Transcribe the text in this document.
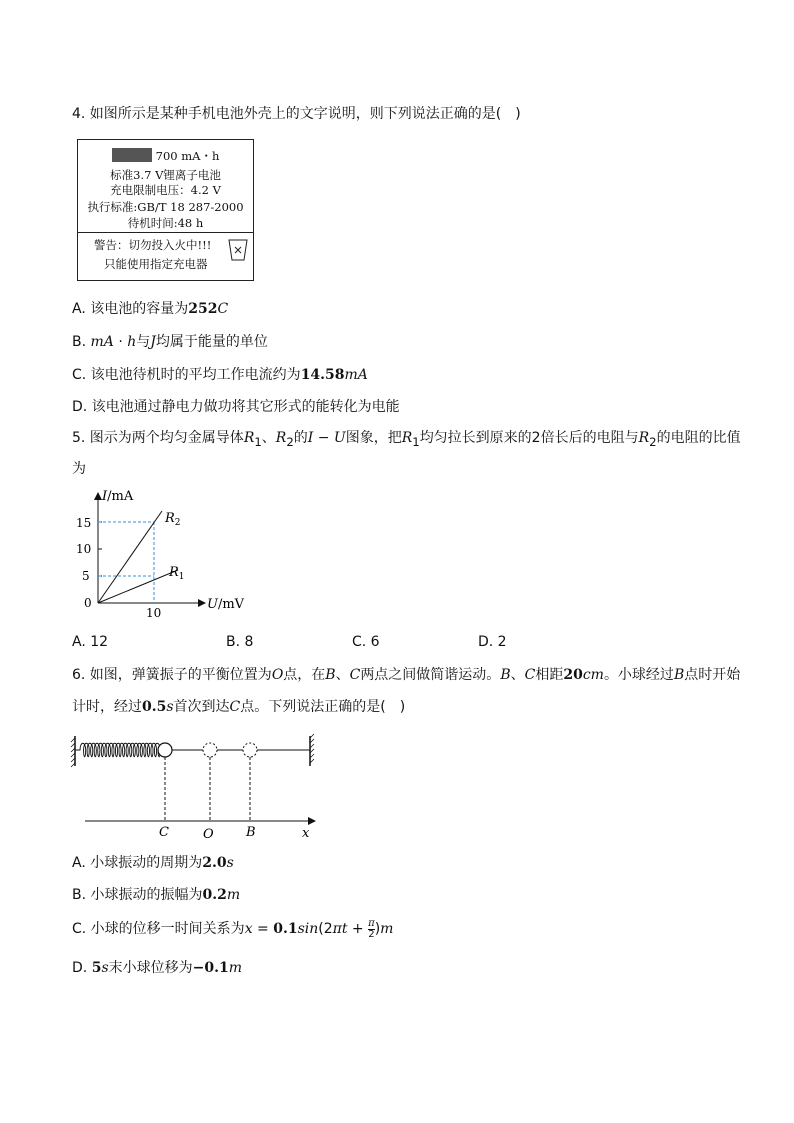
4. 如图所示是某种手机电池外壳上的文字说明，则下列说法正确的是(　)
700 mA・h
标准3.7 V锂离子电池
充电限制电压：4.2 V
执行标准:GB/T 18 287-2000
待机时间:48 h
警告：切勿投入火中!!!
只能使用指定充电器
A. 该电池的容量为252C
B. mA · h与J均属于能量的单位
C. 该电池待机时的平均工作电流约为14.58mA
D. 该电池通过静电力做功将其它形式的能转化为电能
5. 图示为两个均匀金属导体$R_1$、$R_2$的I − U图象，把$R_1$均匀拉长到原来的2倍长后的电阻与$R_2$的电阻的比值
为
I/mA
U/mV
15
10
5
0
10
$R_2$
$R_1$
A. 12	B. 8	C. 6	D. 2
6. 如图，弹簧振子的平衡位置为O点，在B、C两点之间做简谐运动。B、C相距20cm。小球经过B点时开始
计时，经过0.5s首次到达C点。下列说法正确的是(　)
C	O B	x
A. 小球振动的周期为2.0s
B. 小球振动的振幅为0.2m
C. 小球的位移一时间关系为$x = 0.1\sin(2\pi t + \frac{\pi}{2} )m$
D. 5s末小球位移为−0.1m
